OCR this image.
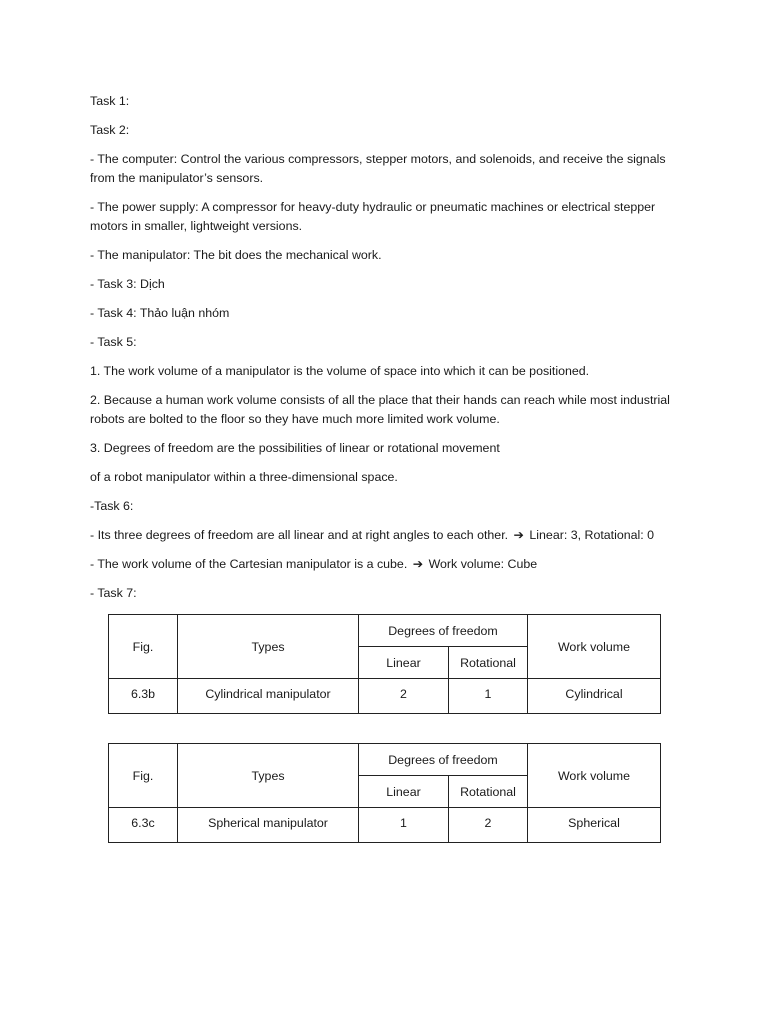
Task 1:

Task 2:

- The computer: Control the various compressors, stepper motors, and solenoids, and receive the signals from the manipulator’s sensors.

- The power supply: A compressor for heavy-duty hydraulic or pneumatic machines or electrical stepper motors in smaller, lightweight versions.

- The manipulator: The bit does the mechanical work.

- Task 3: Dịch

- Task 4: Thảo luận nhóm

- Task 5:

1. The work volume of a manipulator is the volume of space into which it can be positioned.

2. Because a human work volume consists of all the place that their hands can reach while most industrial robots are bolted to the floor so they have much more limited work volume.

3. Degrees of freedom are the possibilities of linear or rotational movement

of a robot manipulator within a three-dimensional space.

-Task 6:

- Its three degrees of freedom are all linear and at right angles to each other. ➔ Linear: 3, Rotational: 0

- The work volume of the Cartesian manipulator is a cube. ➔ Work volume: Cube

- Task 7:

Fig.	Types	Degrees of freedom		Work volume
		Linear	Rotational	
6.3b	Cylindrical manipulator	2	1	Cylindrical
Fig.	Types	Degrees of freedom		Work volume
		Linear	Rotational	
6.3c	Spherical manipulator	1	2	Spherical
